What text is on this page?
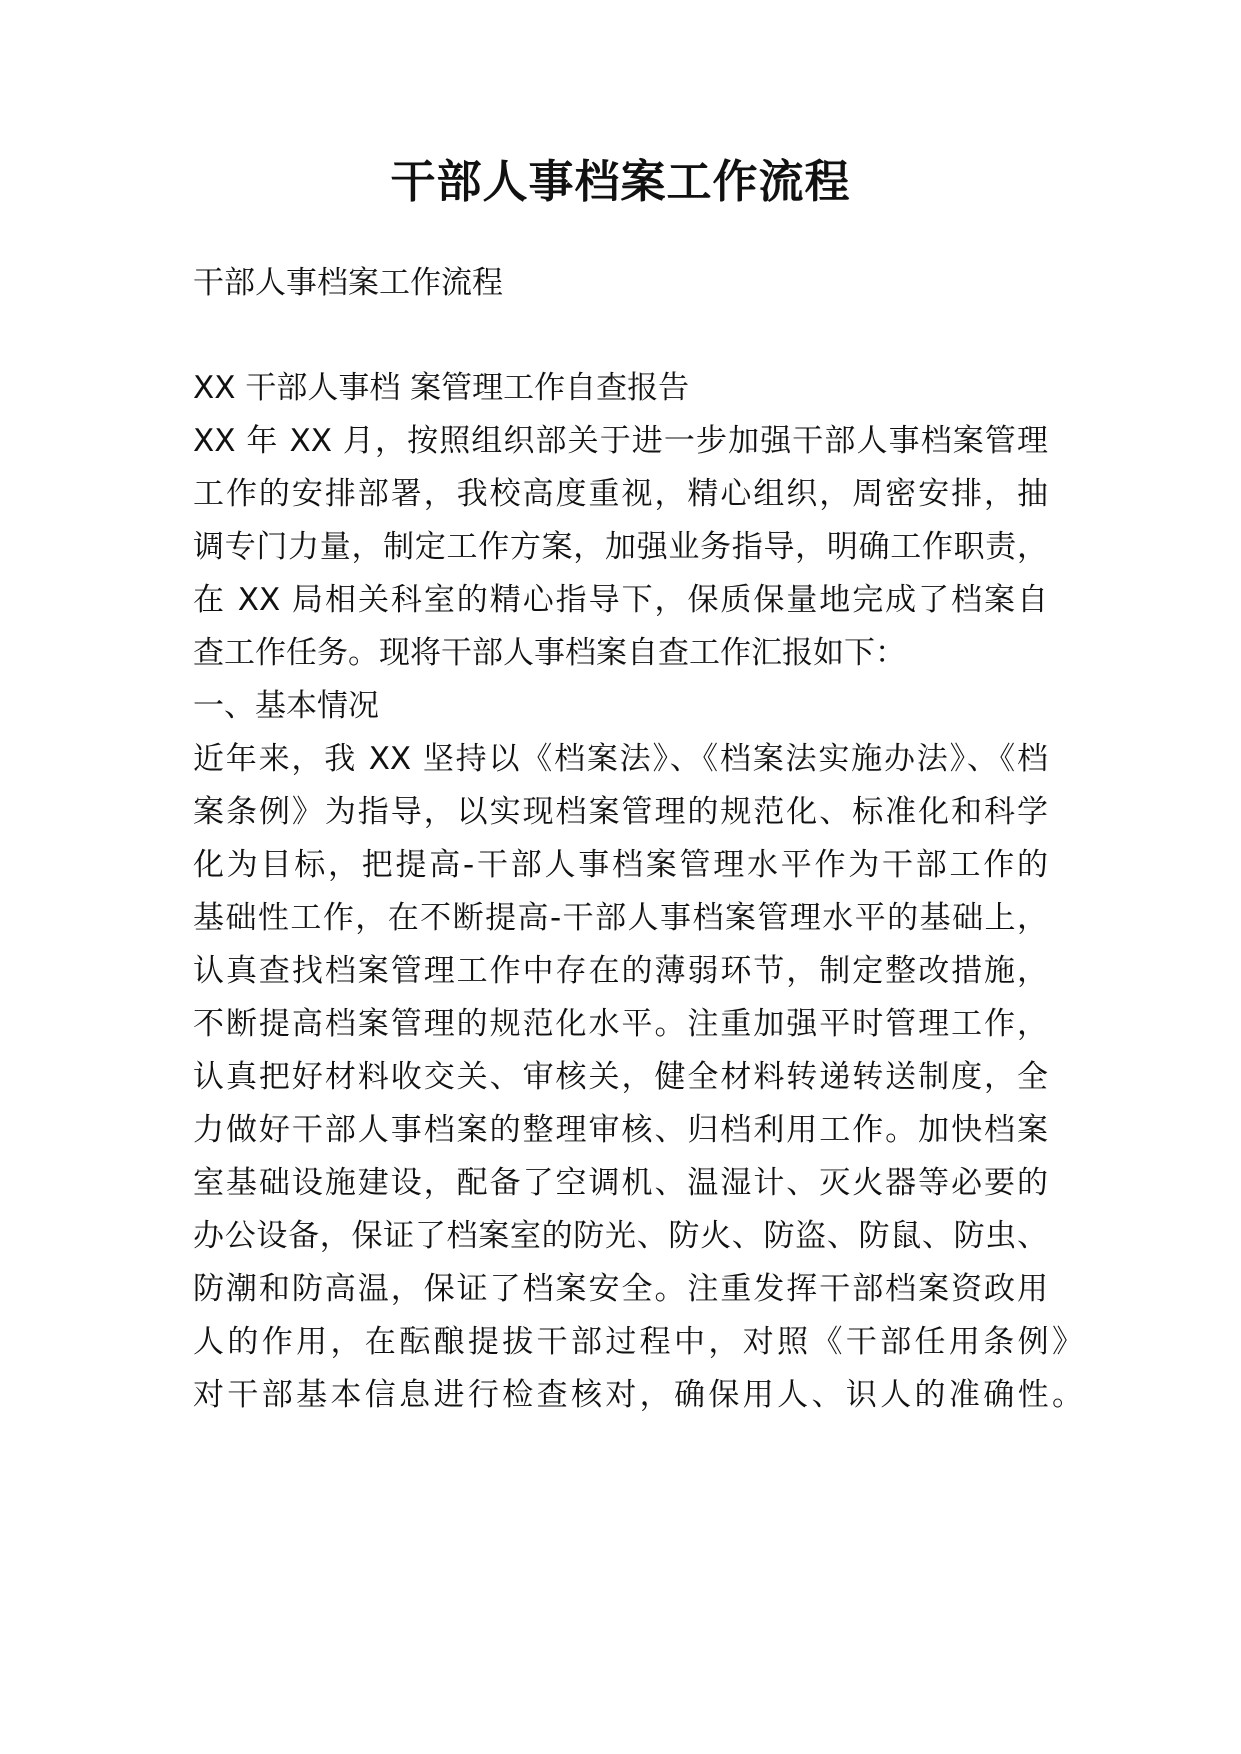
干部人事档案工作流程
干部人事档案工作流程
XX 干部人事档 案管理工作自查报告
XX 年 XX 月，按照组织部关于进一步加强干部人事档案管理
工作的安排部署，我校高度重视，精心组织，周密安排，抽
调专门力量，制定工作方案，加强业务指导，明确工作职责，
在 XX 局相关科室的精心指导下，保质保量地完成了档案自
查工作任务。现将干部人事档案自查工作汇报如下：
一、基本情况
近年来，我 XX 坚持以《档案法》、《档案法实施办法》、《档
案条例》为指导，以实现档案管理的规范化、标准化和科学
化为目标，把提高-干部人事档案管理水平作为干部工作的
基础性工作，在不断提高-干部人事档案管理水平的基础上，
认真查找档案管理工作中存在的薄弱环节，制定整改措施，
不断提高档案管理的规范化水平。注重加强平时管理工作，
认真把好材料收交关、审核关，健全材料转递转送制度，全
力做好干部人事档案的整理审核、归档利用工作。加快档案
室基础设施建设，配备了空调机、温湿计、灭火器等必要的
办公设备，保证了档案室的防光、防火、防盗、防鼠、防虫、
防潮和防高温，保证了档案安全。注重发挥干部档案资政用
人的作用，在酝酿提拔干部过程中，对照《干部任用条例》
对干部基本信息进行检查核对，确保用人、识人的准确性。
